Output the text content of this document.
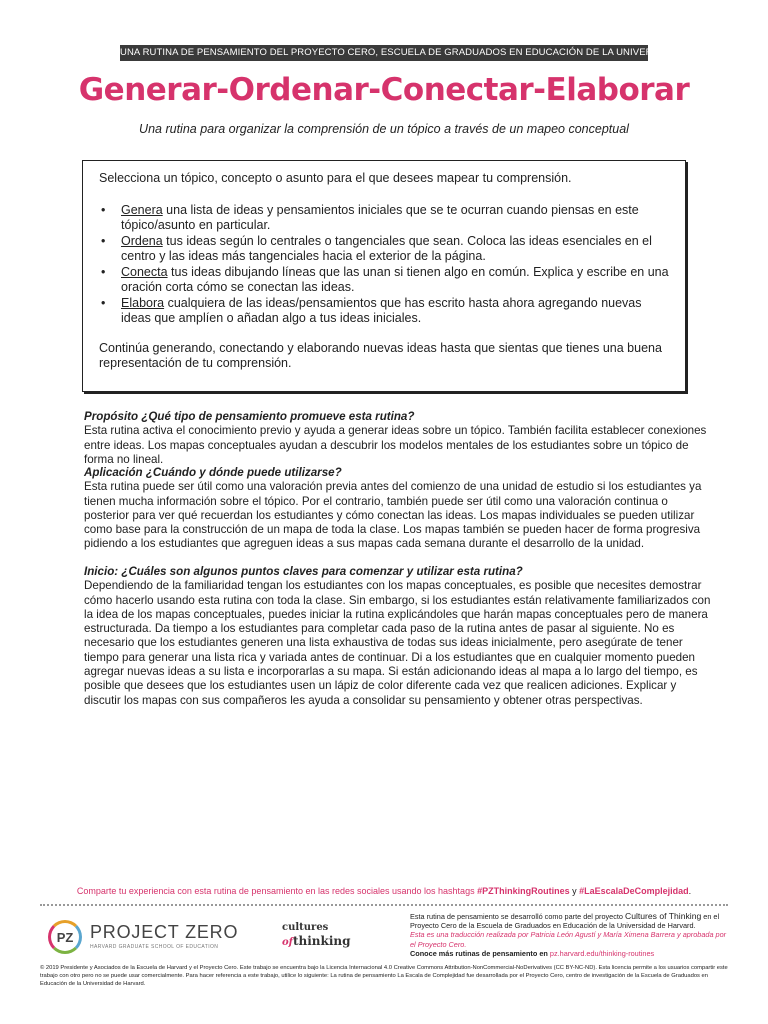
UNA RUTINA DE PENSAMIENTO DEL PROYECTO CERO, ESCUELA DE GRADUADOS EN EDUCACIÓN DE LA UNIVERSIDAD HARVARD.
Generar-Ordenar-Conectar-Elaborar
Una rutina para organizar la comprensión de un tópico a través de un mapeo conceptual

Selecciona un tópico, concepto o asunto para el que desees mapear tu comprensión.

• Genera una lista de ideas y pensamientos iniciales que se te ocurran cuando piensas en este tópico/asunto en particular.
• Ordena tus ideas según lo centrales o tangenciales que sean. Coloca las ideas esenciales en el centro y las ideas más tangenciales hacia el exterior de la página.
• Conecta tus ideas dibujando líneas que las unan si tienen algo en común. Explica y escribe en una oración corta cómo se conectan las ideas.
• Elabora cualquiera de las ideas/pensamientos que has escrito hasta ahora agregando nuevas ideas que amplíen o añadan algo a tus ideas iniciales.

Continúa generando, conectando y elaborando nuevas ideas hasta que sientas que tienes una buena representación de tu comprensión.

Propósito ¿Qué tipo de pensamiento promueve esta rutina?
Esta rutina activa el conocimiento previo y ayuda a generar ideas sobre un tópico. También facilita establecer conexiones entre ideas. Los mapas conceptuales ayudan a descubrir los modelos mentales de los estudiantes sobre un tópico de forma no lineal.
Aplicación ¿Cuándo y dónde puede utilizarse?
Esta rutina puede ser útil como una valoración previa antes del comienzo de una unidad de estudio si los estudiantes ya tienen mucha información sobre el tópico. Por el contrario, también puede ser útil como una valoración continua o posterior para ver qué recuerdan los estudiantes y cómo conectan las ideas. Los mapas individuales se pueden utilizar como base para la construcción de un mapa de toda la clase. Los mapas también se pueden hacer de forma progresiva pidiendo a los estudiantes que agreguen ideas a sus mapas cada semana durante el desarrollo de la unidad.
Inicio: ¿Cuáles son algunos puntos claves para comenzar y utilizar esta rutina?
Dependiendo de la familiaridad tengan los estudiantes con los mapas conceptuales, es posible que necesites demostrar cómo hacerlo usando esta rutina con toda la clase. Sin embargo, si los estudiantes están relativamente familiarizados con la idea de los mapas conceptuales, puedes iniciar la rutina explicándoles que harán mapas conceptuales pero de manera estructurada. Da tiempo a los estudiantes para completar cada paso de la rutina antes de pasar al siguiente. No es necesario que los estudiantes generen una lista exhaustiva de todas sus ideas inicialmente, pero asegúrate de tener tiempo para generar una lista rica y variada antes de continuar. Di a los estudiantes que en cualquier momento pueden agregar nuevas ideas a su lista e incorporarlas a su mapa. Si están adicionando ideas al mapa a lo largo del tiempo, es posible que desees que los estudiantes usen un lápiz de color diferente cada vez que realicen adiciones. Explicar y discutir los mapas con sus compañeros les ayuda a consolidar su pensamiento y obtener otras perspectivas.
Comparte tu experiencia con esta rutina de pensamiento en las redes sociales usando los hashtags #PZThinkingRoutines y #LaEscalaDeComplejidad.
PZ PROJECT ZERO
HARVARD GRADUATE SCHOOL OF EDUCATION
cultures
ofthinking
Esta rutina de pensamiento se desarrolló como parte del proyecto Cultures of Thinking en el Proyecto Cero de la Escuela de Graduados en Educación de la Universidad de Harvard.
Esta es una traducción realizada por Patricia León Agustí y María Ximena Barrera y aprobada por el Proyecto Cero.
Conoce más rutinas de pensamiento en pz.harvard.edu/thinking-routines
© 2019 Presidente y Asociados de la Escuela de Harvard y el Proyecto Cero. Este trabajo se encuentra bajo la Licencia Internacional 4.0 Creative Commons Attribution-NonCommercial-NoDerivatives (CC BY-NC-ND). Esta licencia permite a los usuarios compartir este trabajo con otro pero no se puede usar comercialmente. Para hacer referencia a este trabajo, utilice lo siguiente: La rutina de pensamiento La Escala de Complejidad fue desarrollada por el Proyecto Cero, centro de investigación de la Escuela de Graduados en Educación de la Universidad de Harvard.
